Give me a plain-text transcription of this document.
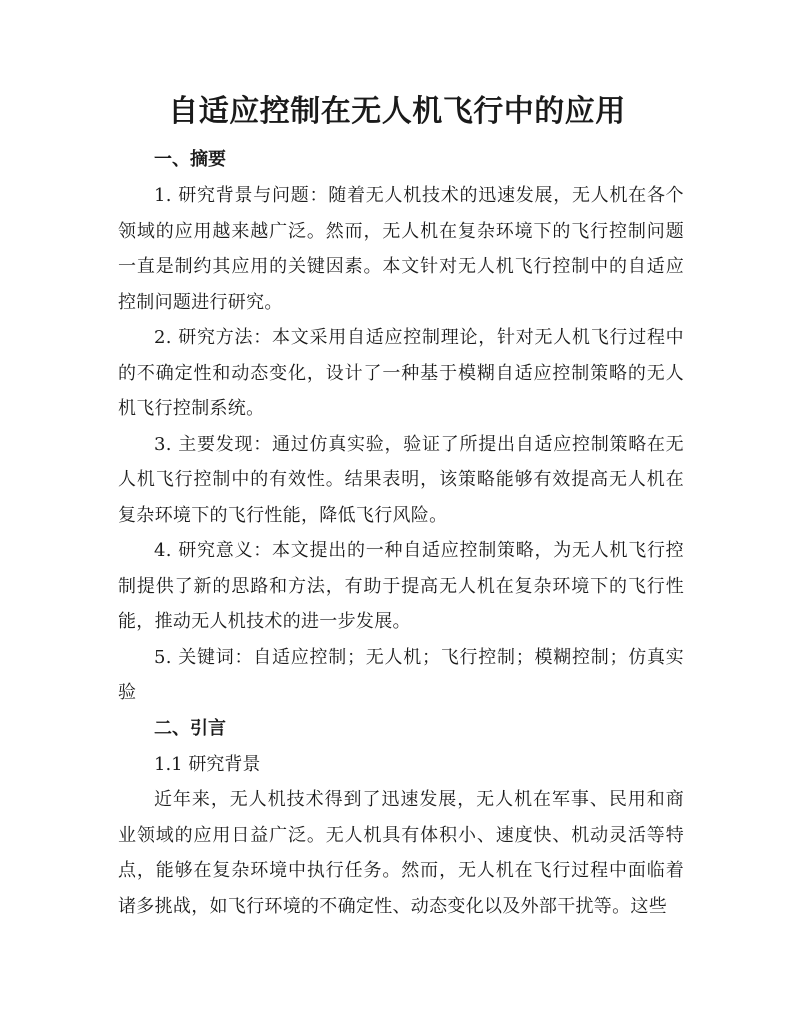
自适应控制在无人机飞行中的应用

一、摘要

1. 研究背景与问题：随着无人机技术的迅速发展，无人机在各个领域的应用越来越广泛。然而，无人机在复杂环境下的飞行控制问题一直是制约其应用的关键因素。本文针对无人机飞行控制中的自适应控制问题进行研究。

2. 研究方法：本文采用自适应控制理论，针对无人机飞行过程中的不确定性和动态变化，设计了一种基于模糊自适应控制策略的无人机飞行控制系统。

3. 主要发现：通过仿真实验，验证了所提出自适应控制策略在无人机飞行控制中的有效性。结果表明，该策略能够有效提高无人机在复杂环境下的飞行性能，降低飞行风险。

4. 研究意义：本文提出的一种自适应控制策略，为无人机飞行控制提供了新的思路和方法，有助于提高无人机在复杂环境下的飞行性能，推动无人机技术的进一步发展。

5. 关键词：自适应控制；无人机；飞行控制；模糊控制；仿真实验

二、引言

1.1 研究背景

近年来，无人机技术得到了迅速发展，无人机在军事、民用和商业领域的应用日益广泛。无人机具有体积小、速度快、机动灵活等特点，能够在复杂环境中执行任务。然而，无人机在飞行过程中面临着诸多挑战，如飞行环境的不确定性、动态变化以及外部干扰等。这些
